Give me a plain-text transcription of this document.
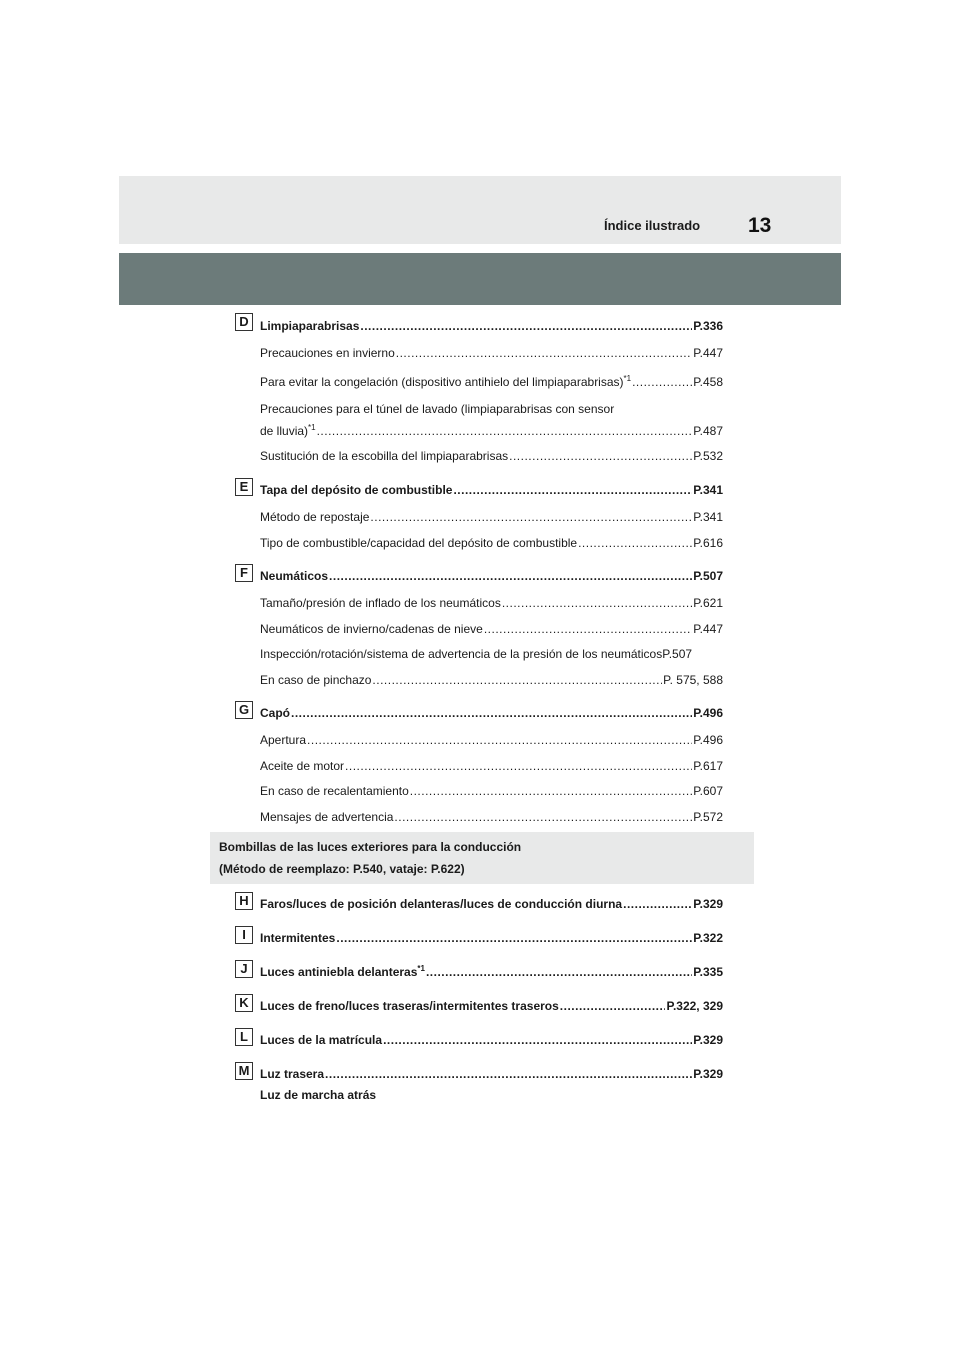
Índice ilustrado 13
D Limpiaparabrisas .....	P.336
Precauciones en invierno .....	P.447
Para evitar la congelación (dispositivo antihielo del limpiaparabrisas)$^{*1}$ .....	P.458
Precauciones para el túnel de lavado (limpiaparabrisas con sensor
de lluvia)$^{*1}$ .....	P.487
Sustitución de la escobilla del limpiaparabrisas .....	P.532
E Tapa del depósito de combustible .....	P.341
Método de repostaje .....	P.341
Tipo de combustible/capacidad del depósito de combustible .....	P.616
F	Neumáticos .....	P.507
Tamaño/presión de inflado de los neumáticos .....	P.621
Neumáticos de invierno/cadenas de nieve .....	P.447
Inspección/rotación/sistema de advertencia de la presión de los neumáticos P.507
En caso de pinchazo .....	P. 575, 588
G Capó .....	P.496
Apertura .....	P.496
Aceite de motor .....	P.617
En caso de recalentamiento .....	P.607
Mensajes de advertencia .....	P.572
Bombillas de las luces exteriores para la conducción
(Método de reemplazo: P.540, vataje: P.622)
H Faros/luces de posición delanteras/luces de conducción diurna .....	P.329
I	Intermitentes .....	P.322
J	Luces antiniebla delanteras$^{*1}$ .....	P.335
K Luces de freno/luces traseras/intermitentes traseros .....	P.322, 329
L	Luces de la matrícula .....	P.329
M Luz trasera .....	P.329
Luz de marcha atrás
